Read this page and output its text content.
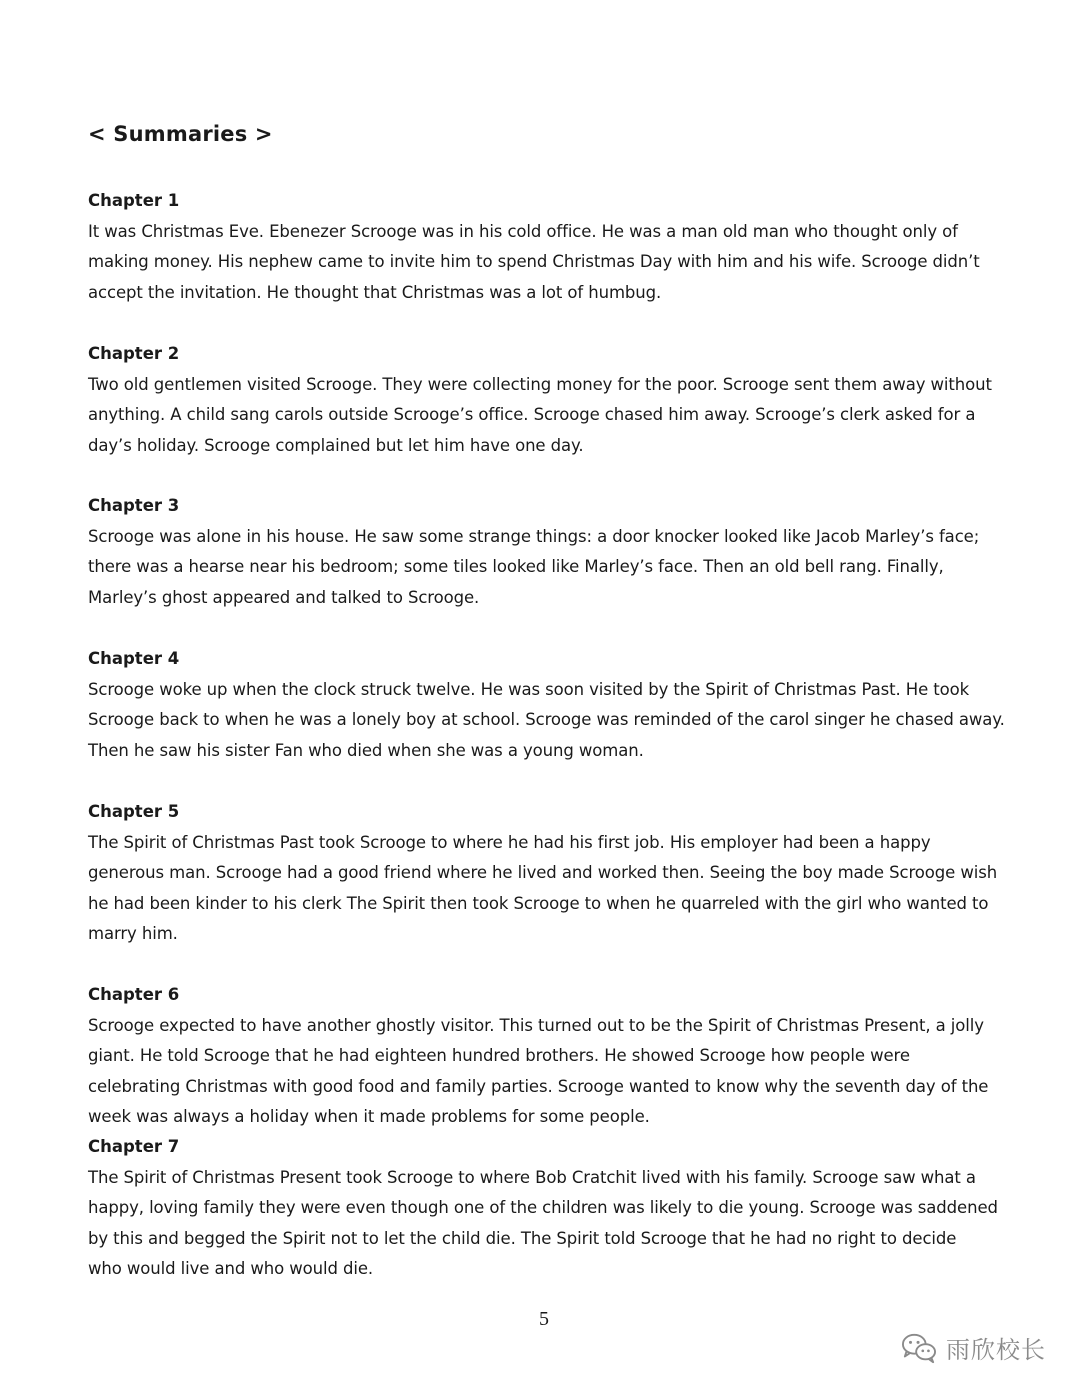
< Summaries >

Chapter 1

It was Christmas Eve. Ebenezer Scrooge was in his cold office. He was a man old man who thought only of

making money. His nephew came to invite him to spend Christmas Day with him and his wife. Scrooge didn’t

accept the invitation. He thought that Christmas was a lot of humbug.

Chapter 2

Two old gentlemen visited Scrooge. They were collecting money for the poor. Scrooge sent them away without

anything. A child sang carols outside Scrooge’s office. Scrooge chased him away. Scrooge’s clerk asked for a

day’s holiday. Scrooge complained but let him have one day.

Chapter 3

Scrooge was alone in his house. He saw some strange things: a door knocker looked like Jacob Marley’s face;

there was a hearse near his bedroom; some tiles looked like Marley’s face. Then an old bell rang. Finally,

Marley’s ghost appeared and talked to Scrooge.

Chapter 4

Scrooge woke up when the clock struck twelve. He was soon visited by the Spirit of Christmas Past. He took

Scrooge back to when he was a lonely boy at school. Scrooge was reminded of the carol singer he chased away.

Then he saw his sister Fan who died when she was a young woman.

Chapter 5

The Spirit of Christmas Past took Scrooge to where he had his first job. His employer had been a happy

generous man. Scrooge had a good friend where he lived and worked then. Seeing the boy made Scrooge wish

he had been kinder to his clerk The Spirit then took Scrooge to when he quarreled with the girl who wanted to

marry him.

Chapter 6

Scrooge expected to have another ghostly visitor. This turned out to be the Spirit of Christmas Present, a jolly

giant. He told Scrooge that he had eighteen hundred brothers. He showed Scrooge how people were

celebrating Christmas with good food and family parties. Scrooge wanted to know why the seventh day of the

week was always a holiday when it made problems for some people.

Chapter 7

The Spirit of Christmas Present took Scrooge to where Bob Cratchit lived with his family. Scrooge saw what a

happy, loving family they were even though one of the children was likely to die young. Scrooge was saddened

by this and begged the Spirit not to let the child die. The Spirit told Scrooge that he had no right to decide

who would live and who would die.

5
雨欣校长
